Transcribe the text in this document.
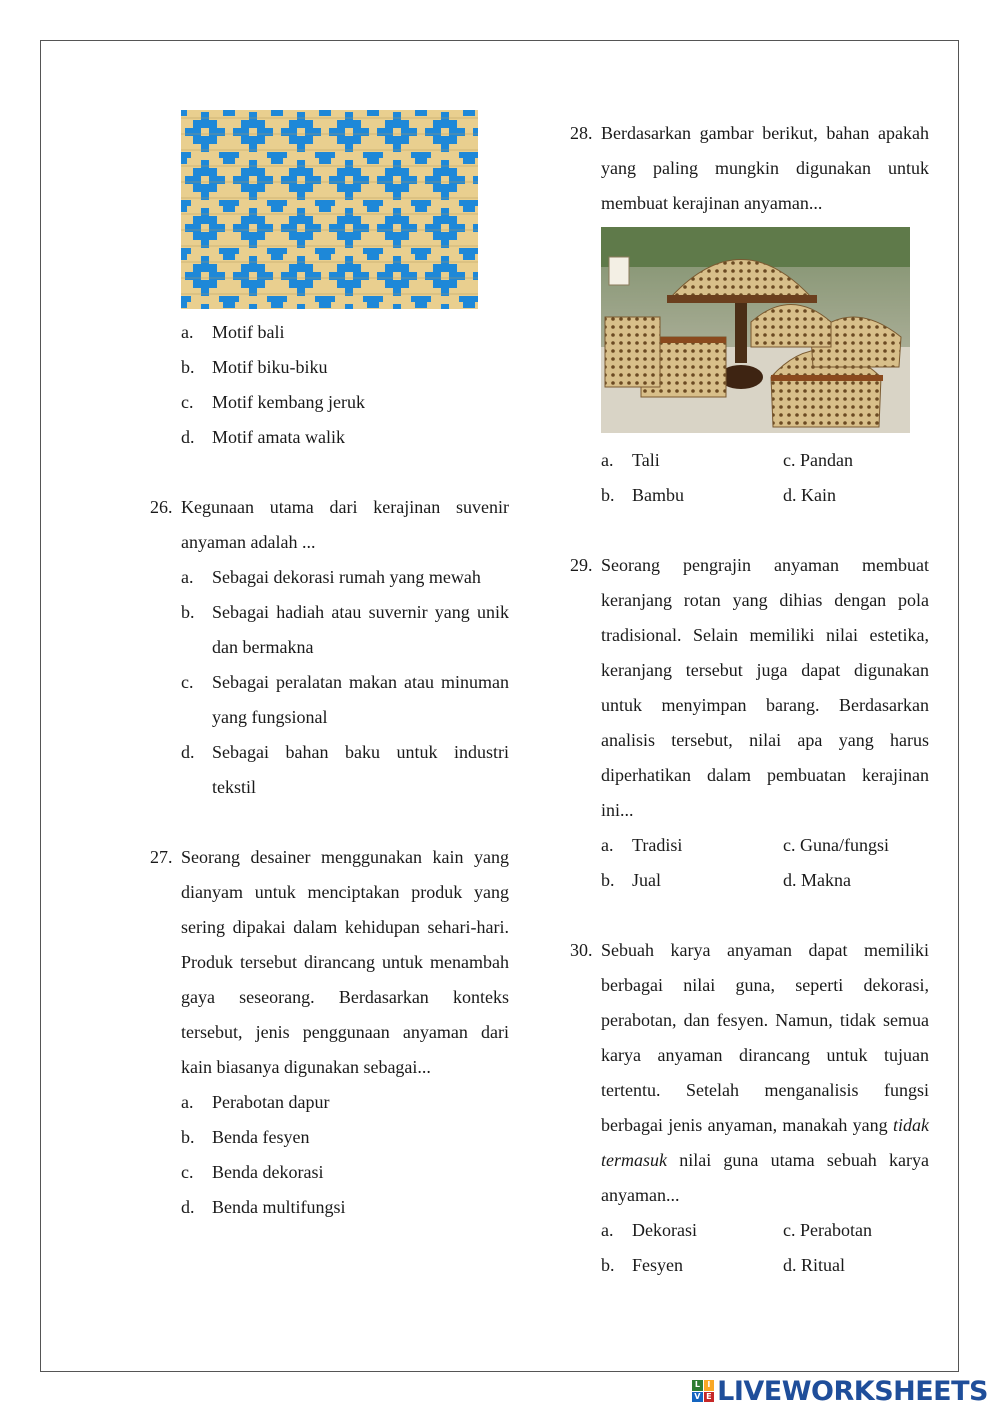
a. Motif bali
b. Motif biku-biku
c. Motif kembang jeruk
d. Motif amata walik
26. Kegunaan utama dari kerajinan suvenir anyaman adalah ...
a. Sebagai dekorasi rumah yang mewah
b. Sebagai hadiah atau suvernir yang unik dan bermakna
c. Sebagai peralatan makan atau minuman yang fungsional
d. Sebagai bahan baku untuk industri tekstil
27. Seorang desainer menggunakan kain yang dianyam untuk menciptakan produk yang sering dipakai dalam kehidupan sehari-hari. Produk tersebut dirancang untuk menambah gaya seseorang. Berdasarkan konteks tersebut, jenis penggunaan anyaman dari kain biasanya digunakan sebagai...
a. Perabotan dapur
b. Benda fesyen
c. Benda dekorasi
d. Benda multifungsi
28. Berdasarkan gambar berikut, bahan apakah yang paling mungkin digunakan untuk membuat kerajinan anyaman...
a. Tali	c. Pandan
b. Bambu	d. Kain
29. Seorang pengrajin anyaman membuat keranjang rotan yang dihias dengan pola tradisional. Selain memiliki nilai estetika, keranjang tersebut juga dapat digunakan untuk menyimpan barang. Berdasarkan analisis tersebut, nilai apa yang harus diperhatikan dalam pembuatan kerajinan ini...
a. Tradisi	c. Guna/fungsi
b. Jual	d. Makna
30. Sebuah karya anyaman dapat memiliki berbagai nilai guna, seperti dekorasi, perabotan, dan fesyen. Namun, tidak semua karya anyaman dirancang untuk tujuan tertentu. Setelah menganalisis fungsi berbagai jenis anyaman, manakah yang tidak termasuk nilai guna utama sebuah karya anyaman...
a. Dekorasi	c. Perabotan
b. Fesyen	d. Ritual
L I
V E LIVEWORKSHEETS
